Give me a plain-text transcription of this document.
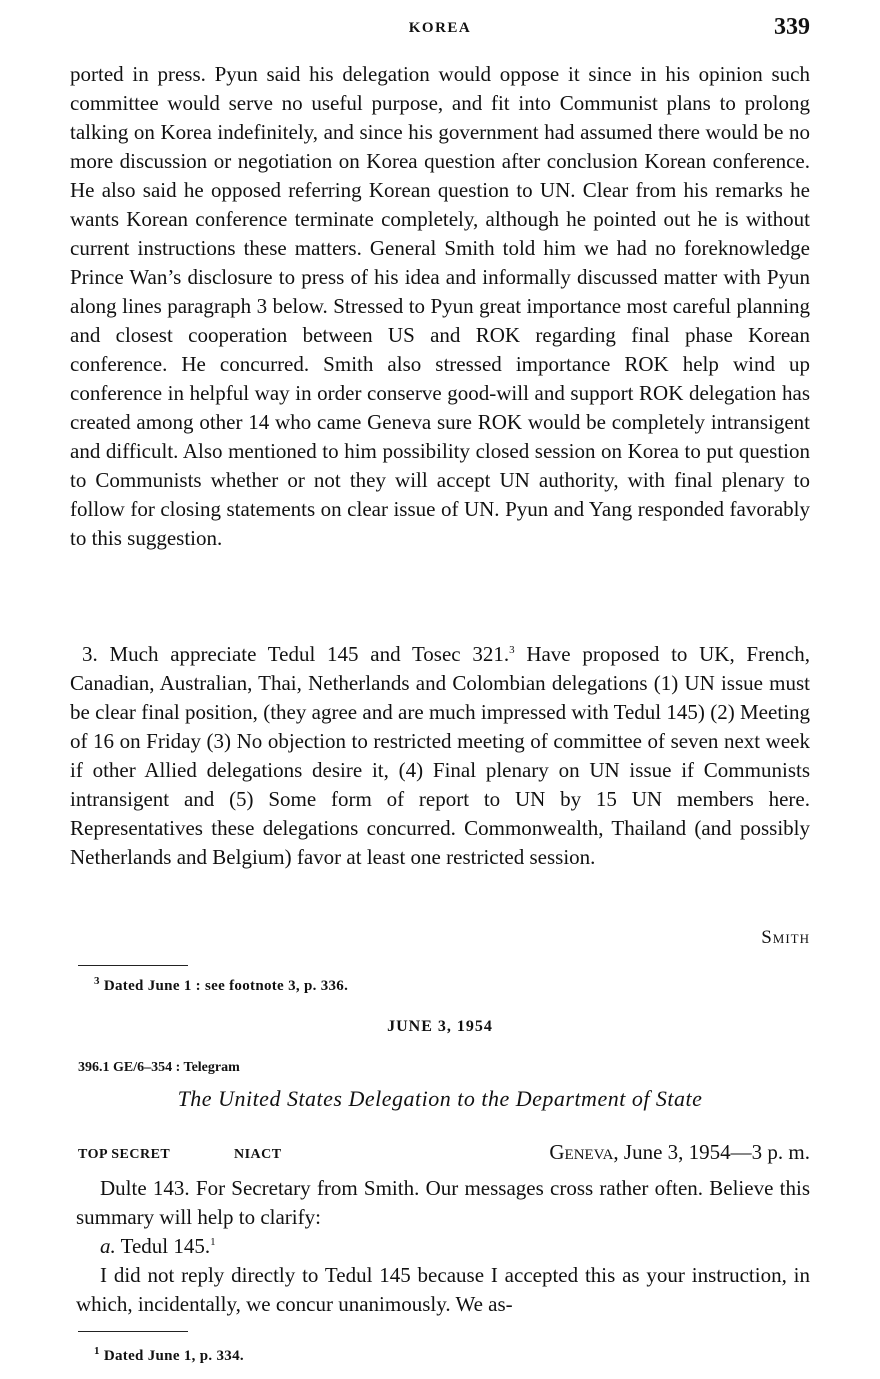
KOREA	339

ported in press. Pyun said his delegation would oppose it since in his opinion such committee would serve no useful purpose, and fit into Communist plans to prolong talking on Korea indefinitely, and since his government had assumed there would be no more discussion or negotiation on Korea question after conclusion Korean conference. He also said he opposed referring Korean question to UN. Clear from his remarks he wants Korean conference terminate completely, although he pointed out he is without current instructions these matters. General Smith told him we had no foreknowledge Prince Wan’s disclosure to press of his idea and informally discussed matter with Pyun along lines paragraph 3 below. Stressed to Pyun great importance most careful planning and closest cooperation between US and ROK regarding final phase Korean conference. He concurred. Smith also stressed importance ROK help wind up conference in helpful way in order conserve good-will and support ROK delegation has created among other 14 who came Geneva sure ROK would be completely intransigent and difficult. Also mentioned to him possibility closed session on Korea to put question to Communists whether or not they will accept UN authority, with final plenary to follow for closing statements on clear issue of UN. Pyun and Yang responded favorably to this suggestion.

3. Much appreciate Tedul 145 and Tosec 321.$^3$ Have proposed to UK, French, Canadian, Australian, Thai, Netherlands and Colombian delegations (1) UN issue must be clear final position, (they agree and are much impressed with Tedul 145) (2) Meeting of 16 on Friday (3) No objection to restricted meeting of committee of seven next week if other Allied delegations desire it, (4) Final plenary on UN issue if Communists intransigent and (5) Some form of report to UN by 15 UN members here. Representatives these delegations concurred. Commonwealth, Thailand (and possibly Netherlands and Belgium) favor at least one restricted session.

Smith
$^3$ Dated June 1 : see footnote 3, p. 336.
JUNE 3, 1954
396.1 GE/6–354 : Telegram
The United States Delegation to the Department of State
TOP SECRET	NIACT	Geneva, June 3, 1954—3 p. m.

Dulte 143. For Secretary from Smith. Our messages cross rather often. Believe this summary will help to clarify:

a. Tedul 145.$^1$

I did not reply directly to Tedul 145 because I accepted this as your instruction, in which, incidentally, we concur unanimously. We as-

$^1$ Dated June 1, p. 334.
